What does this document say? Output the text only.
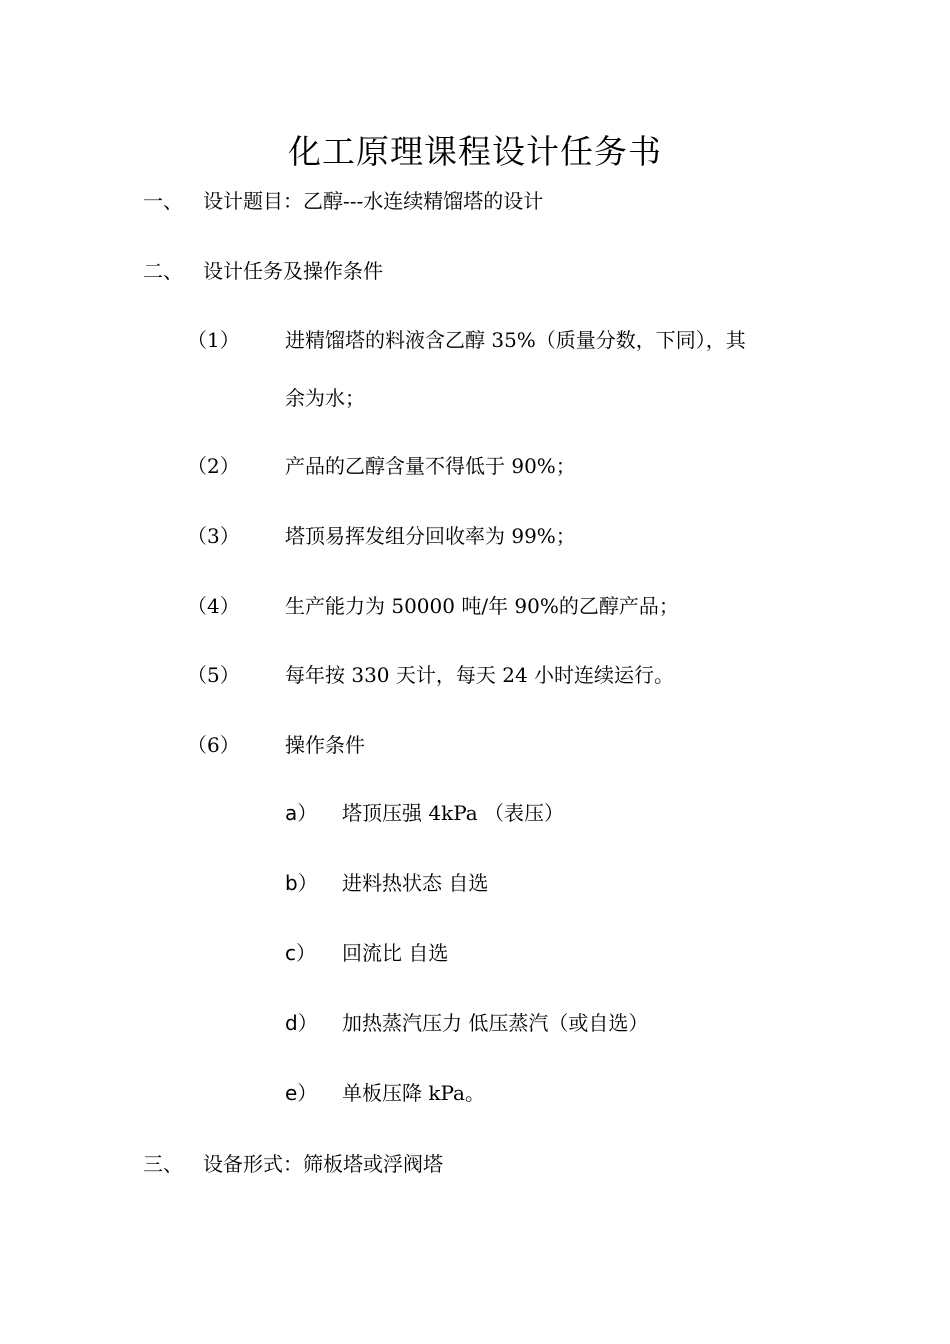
化工原理课程设计任务书
一、 设计题目：乙醇---水连续精馏塔的设计
二、 设计任务及操作条件
（1） 进精馏塔的料液含乙醇 35%（质量分数，下同），其
余为水；
（2） 产品的乙醇含量不得低于 90%；
（3） 塔顶易挥发组分回收率为 99%；
（4） 生产能力为 50000 吨/年 90%的乙醇产品；
（5） 每年按 330 天计，每天 24 小时连续运行。
（6） 操作条件
a） 塔顶压强 4kPa （表压）
b） 进料热状态 自选
c） 回流比 自选
d） 加热蒸汽压力 低压蒸汽（或自选）
e） 单板压降 kPa。
三、 设备形式：筛板塔或浮阀塔
